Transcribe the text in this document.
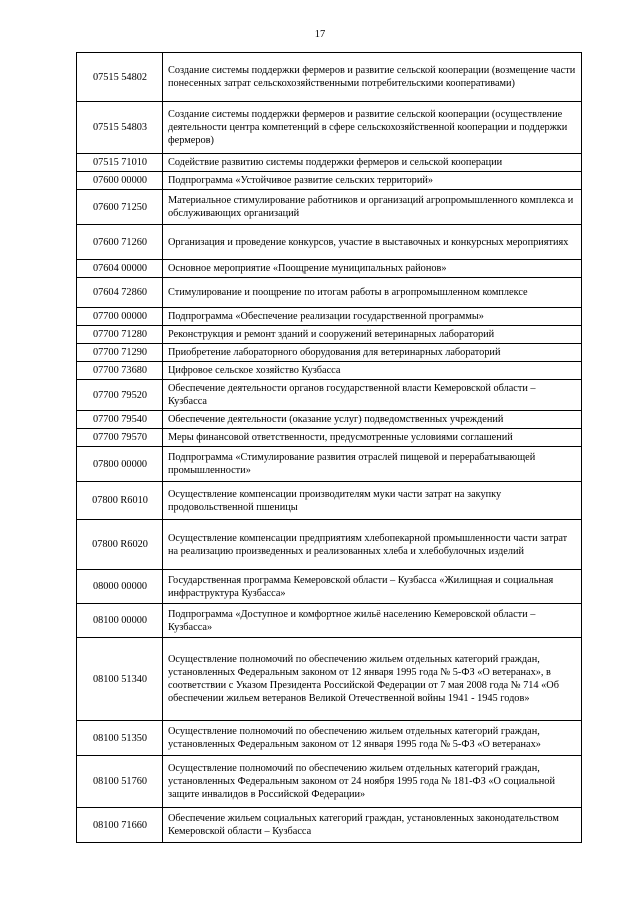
17
07515 54802	Создание системы поддержки фермеров и развитие сельской кооперации (возмещение части понесенных затрат сельскохозяйственными потребительскими кооперативами)
07515 54803	Создание системы поддержки фермеров и развитие сельской кооперации (осуществление деятельности центра компетенций в сфере сельскохозяйственной кооперации и поддержки фермеров)
07515 71010	Содействие развитию системы поддержки фермеров и сельской кооперации
07600 00000	Подпрограмма «Устойчивое развитие сельских территорий»
07600 71250	Материальное стимулирование работников и организаций агропромышленного комплекса и обслуживающих организаций
07600 71260	Организация и проведение конкурсов, участие в выставочных и конкурсных мероприятиях
07604 00000	Основное мероприятие «Поощрение муниципальных районов»
07604 72860	Стимулирование и поощрение по итогам работы в агропромышленном комплексе
07700 00000	Подпрограмма «Обеспечение реализации государственной программы»
07700 71280	Реконструкция и ремонт зданий и сооружений ветеринарных лабораторий
07700 71290	Приобретение лабораторного оборудования для ветеринарных лабораторий
07700 73680	Цифровое сельское хозяйство Кузбасса
07700 79520	Обеспечение деятельности органов государственной власти Кемеровской области – Кузбасса
07700 79540	Обеспечение деятельности (оказание услуг) подведомственных учреждений
07700 79570	Меры финансовой ответственности, предусмотренные условиями соглашений
07800 00000	Подпрограмма «Стимулирование развития отраслей пищевой и перерабатывающей промышленности»
07800 R6010	Осуществление компенсации производителям муки части затрат на закупку продовольственной пшеницы
07800 R6020	Осуществление компенсации предприятиям хлебопекарной промышленности части затрат на реализацию произведенных и реализованных хлеба и хлебобулочных изделий
08000 00000	Государственная программа Кемеровской области – Кузбасса «Жилищная и социальная инфраструктура Кузбасса»
08100 00000	Подпрограмма «Доступное и комфортное жильё населению Кемеровской области – Кузбасса»
08100 51340	Осуществление полномочий по обеспечению жильем отдельных категорий граждан, установленных Федеральным законом от 12 января 1995 года № 5-ФЗ «О ветеранах», в соответствии с Указом Президента Российской Федерации от 7 мая 2008 года № 714 «Об обеспечении жильем ветеранов Великой Отечественной войны 1941 - 1945 годов»
08100 51350	Осуществление полномочий по обеспечению жильем отдельных категорий граждан, установленных Федеральным законом от 12 января 1995 года № 5-ФЗ «О ветеранах»
08100 51760	Осуществление полномочий по обеспечению жильем отдельных категорий граждан, установленных Федеральным законом от 24 ноября 1995 года № 181-ФЗ «О социальной защите инвалидов в Российской Федерации»
08100 71660	Обеспечение жильем социальных категорий граждан, установленных законодательством Кемеровской области – Кузбасса
